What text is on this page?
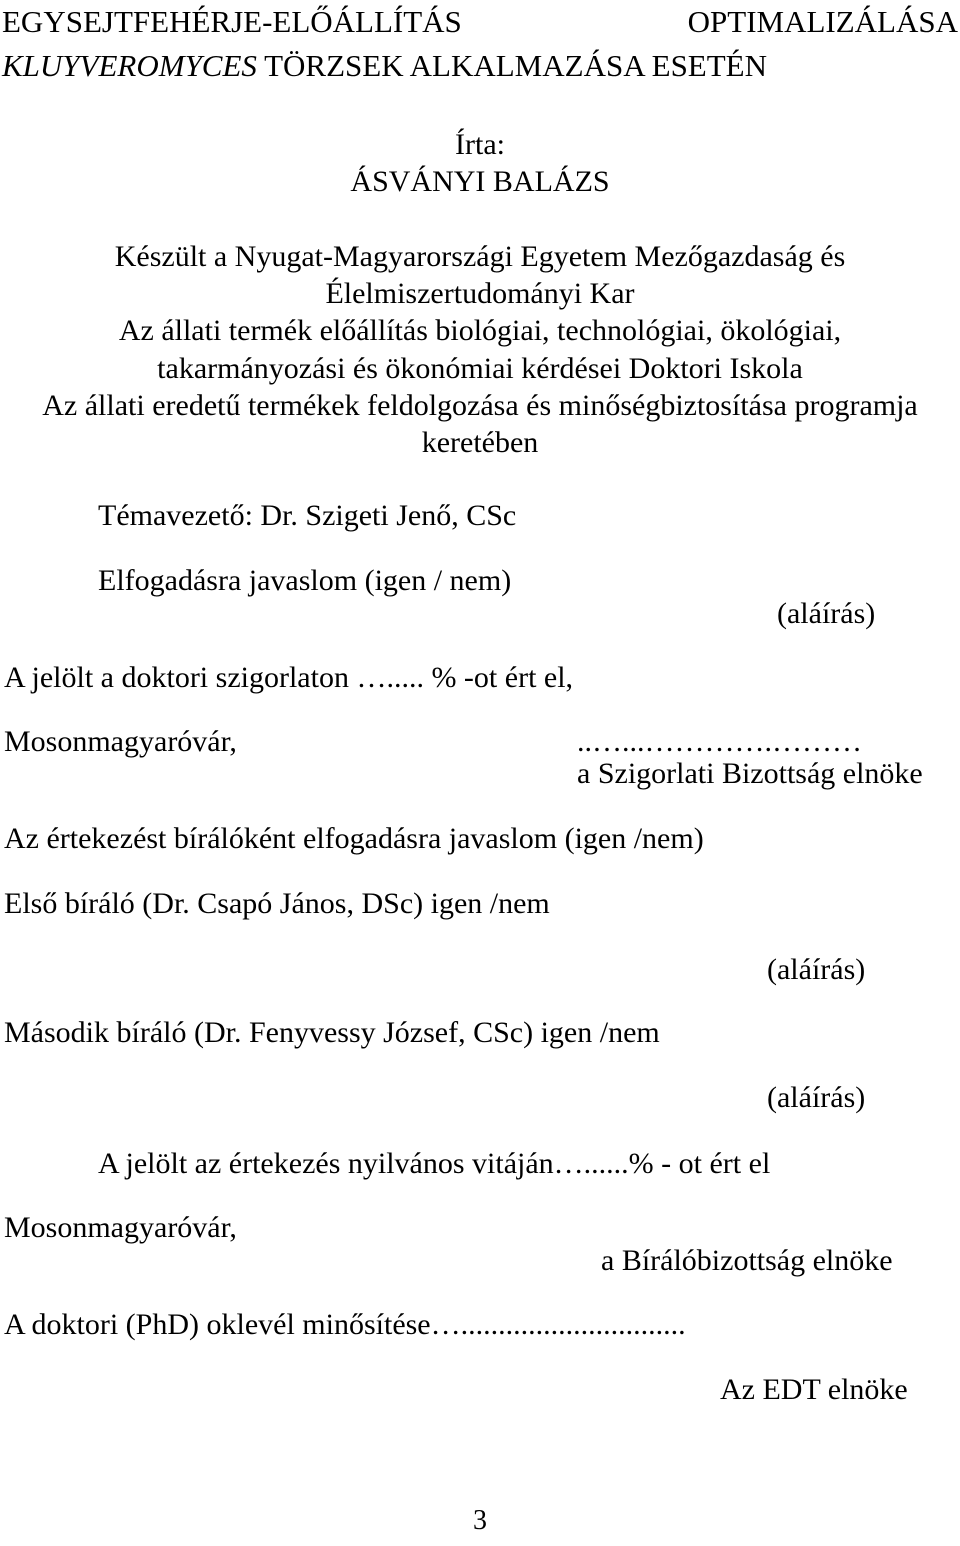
EGYSEJTFEHÉRJE-ELŐÁLLÍTÁS	OPTIMALIZÁLÁSA
KLUYVEROMYCES TÖRZSEK ALKALMAZÁSA ESETÉN
Írta:
ÁSVÁNYI BALÁZS
Készült a Nyugat-Magyarországi Egyetem Mezőgazdaság és
Élelmiszertudományi Kar
Az állati termék előállítás biológiai, technológiai, ökológiai,
takarmányozási és ökonómiai kérdései Doktori Iskola
Az állati eredetű termékek feldolgozása és minőségbiztosítása programja
keretében
Témavezető: Dr. Szigeti Jenő, CSc
Elfogadásra javaslom (igen / nem)
(aláírás)
A jelölt a doktori szigorlaton …..... % -ot ért el,
Mosonmagyaróvár,	..…...………….………
a Szigorlati Bizottság elnöke
Az értekezést bírálóként elfogadásra javaslom (igen /nem)
Első bíráló (Dr. Csapó János, DSc) igen /nem
(aláírás)
Második bíráló (Dr. Fenyvessy József, CSc) igen /nem
(aláírás)
A jelölt az értekezés nyilvános vitáján…......% - ot ért el
Mosonmagyaróvár,
a Bírálóbizottság elnöke
A doktori (PhD) oklevél minősítése…..............................
Az EDT elnöke
3
